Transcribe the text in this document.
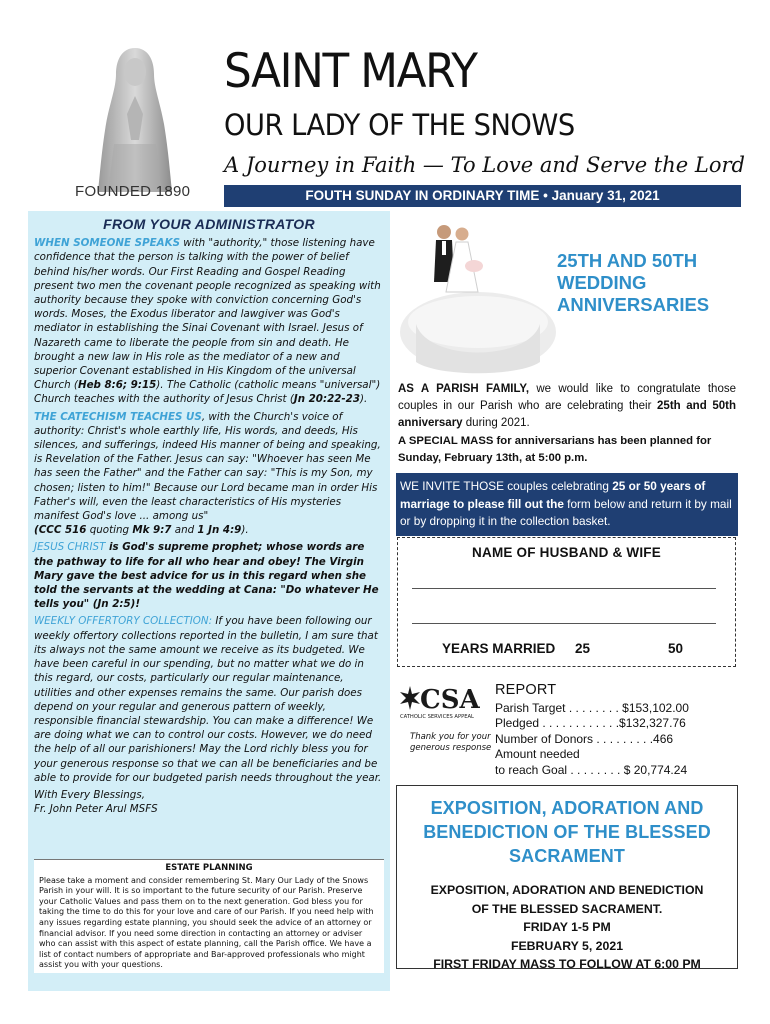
FOUNDED 1890
SAINT MARY
OUR LADY OF THE SNOWS
A Journey in Faith — To Love and Serve the Lord
FOUTH SUNDAY IN ORDINARY TIME • January 31, 2021
FROM YOUR ADMINISTRATOR

WHEN SOMEONE SPEAKS with "authority," those listening have confidence that the person is talking with the power of belief behind his/her words. Our First Reading and Gospel Reading present two men the covenant people recognized as speaking with authority because they spoke with conviction concerning God's words. Moses, the Exodus liberator and lawgiver was God's mediator in establishing the Sinai Covenant with Israel. Jesus of Nazareth came to liberate the people from sin and death. He brought a new law in His role as the mediator of a new and superior Covenant established in His Kingdom of the universal Church (Heb 8:6; 9:15). The Catholic (catholic means "universal") Church teaches with the authority of Jesus Christ (Jn 20:22-23).

THE CATECHISM TEACHES US, with the Church's voice of authority: Christ's whole earthly life, His words, and deeds, His silences, and sufferings, indeed His manner of being and speaking, is Revelation of the Father. Jesus can say: "Whoever has seen Me has seen the Father" and the Father can say: "This is my Son, my chosen; listen to him!" Because our Lord became man in order His Father's will, even the least characteristics of His mysteries manifest God's love ... among us"
(CCC 516 quoting Mk 9:7 and 1 Jn 4:9).

JESUS CHRIST is God's supreme prophet; whose words are the pathway to life for all who hear and obey! The Virgin Mary gave the best advice for us in this regard when she told the servants at the wedding at Cana: "Do whatever He tells you" (Jn 2:5)!

WEEKLY OFFERTORY COLLECTION: If you have been following our weekly offertory collections reported in the bulletin, I am sure that its always not the same amount we receive as its budgeted. We have been careful in our spending, but no matter what we do in this regard, our costs, particularly our regular maintenance, utilities and other expenses remains the same. Our parish does depend on your regular and generous pattern of weekly, responsible financial stewardship. You can make a difference! We are doing what we can to control our costs. However, we do need the help of all our parishioners! May the Lord richly bless you for your generous response so that we can all be beneficiaries and be able to provide for our budgeted parish needs throughout the year.

With Every Blessings,
Fr. John Peter Arul MSFS
ESTATE PLANNING
Please take a moment and consider remembering St. Mary Our Lady of the Snows Parish in your will. It is so important to the future security of our Parish. Preserve your Catholic Values and pass them on to the next generation. God bless you for taking the time to do this for your love and care of our Parish. If you need help with any issues regarding estate planning, you should seek the advice of an attorney or financial advisor. If you need some direction in contacting an attorney or adviser who can assist with this aspect of estate planning, call the Parish office. We have a list of contact numbers of appropriate and Bar-approved professionals who might assist you with your questions.
25TH AND 50TH
WEDDING
ANNIVERSARIES
AS A PARISH FAMILY, we would like to congratulate those couples in our Parish who are celebrating their 25th and 50th anniversary during 2021.
A SPECIAL MASS for anniversarians has been planned for
Sunday, February 13th, at 5:00 p.m.
WE INVITE THOSE couples celebrating 25 or 50 years of marriage to please fill out the form below and return it by mail or by dropping it in the collection basket.
NAME OF HUSBAND & WIFE
YEARS MARRIED 25	50
CSA
CATHOLIC SERVICES APPEAL
Thank you for your generous response
REPORT
Parish Target . . . . . . . . $153,102.00
Pledged . . . . . . . . . . . .$132,327.76
Number of Donors . . . . . . . . .466
Amount needed
to reach Goal . . . . . . . . $ 20,774.24
EXPOSITION, ADORATION AND
BENEDICTION OF THE BLESSED
SACRAMENT
EXPOSITION, ADORATION AND BENEDICTION
OF THE BLESSED SACRAMENT.
FRIDAY 1-5 PM
FEBRUARY 5, 2021
FIRST FRIDAY MASS TO FOLLOW AT 6:00 PM
